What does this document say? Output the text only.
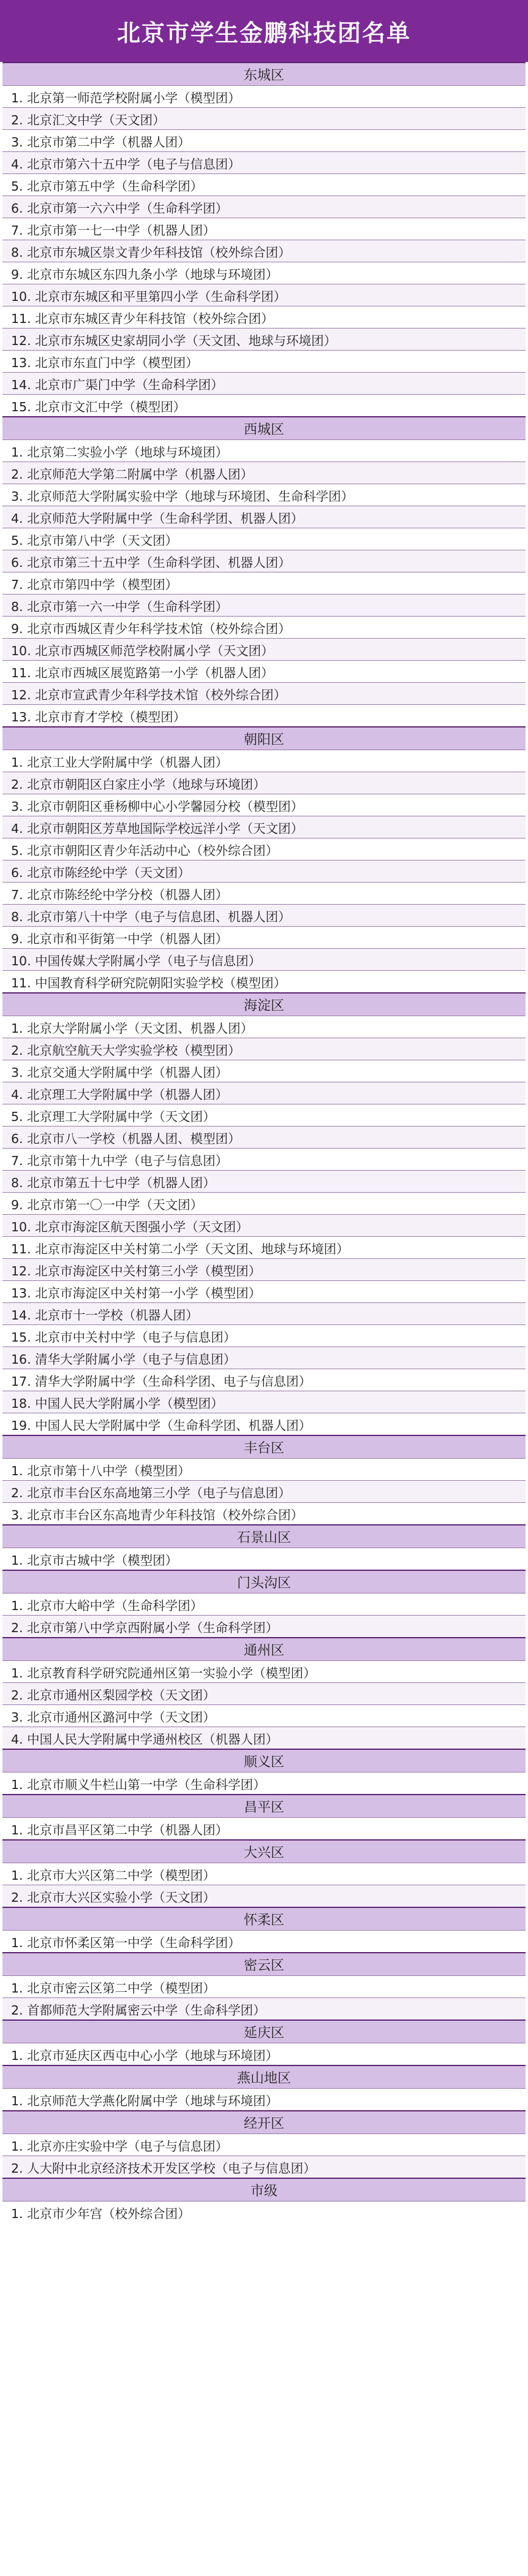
北京市学生金鹏科技团名单
东城区
1. 北京第一师范学校附属小学（模型团）
2. 北京汇文中学（天文团）
3. 北京市第二中学（机器人团）
4. 北京市第六十五中学（电子与信息团）
5. 北京市第五中学（生命科学团）
6. 北京市第一六六中学（生命科学团）
7. 北京市第一七一中学（机器人团）
8. 北京市东城区崇文青少年科技馆（校外综合团）
9. 北京市东城区东四九条小学（地球与环境团）
10. 北京市东城区和平里第四小学（生命科学团）
11. 北京市东城区青少年科技馆（校外综合团）
12. 北京市东城区史家胡同小学（天文团、地球与环境团）
13. 北京市东直门中学（模型团）
14. 北京市广渠门中学（生命科学团）
15. 北京市文汇中学（模型团）
西城区
1. 北京第二实验小学（地球与环境团）
2. 北京师范大学第二附属中学（机器人团）
3. 北京师范大学附属实验中学（地球与环境团、生命科学团）
4. 北京师范大学附属中学（生命科学团、机器人团）
5. 北京市第八中学（天文团）
6. 北京市第三十五中学（生命科学团、机器人团）
7. 北京市第四中学（模型团）
8. 北京市第一六一中学（生命科学团）
9. 北京市西城区青少年科学技术馆（校外综合团）
10. 北京市西城区师范学校附属小学（天文团）
11. 北京市西城区展览路第一小学（机器人团）
12. 北京市宣武青少年科学技术馆（校外综合团）
13. 北京市育才学校（模型团）
朝阳区
1. 北京工业大学附属中学（机器人团）
2. 北京市朝阳区白家庄小学（地球与环境团）
3. 北京市朝阳区垂杨柳中心小学馨园分校（模型团）
4. 北京市朝阳区芳草地国际学校远洋小学（天文团）
5. 北京市朝阳区青少年活动中心（校外综合团）
6. 北京市陈经纶中学（天文团）
7. 北京市陈经纶中学分校（机器人团）
8. 北京市第八十中学（电子与信息团、机器人团）
9. 北京市和平街第一中学（机器人团）
10. 中国传媒大学附属小学（电子与信息团）
11. 中国教育科学研究院朝阳实验学校（模型团）
海淀区
1. 北京大学附属小学（天文团、机器人团）
2. 北京航空航天大学实验学校（模型团）
3. 北京交通大学附属中学（机器人团）
4. 北京理工大学附属中学（机器人团）
5. 北京理工大学附属中学（天文团）
6. 北京市八一学校（机器人团、模型团）
7. 北京市第十九中学（电子与信息团）
8. 北京市第五十七中学（机器人团）
9. 北京市第一〇一中学（天文团）
10. 北京市海淀区航天图强小学（天文团）
11. 北京市海淀区中关村第二小学（天文团、地球与环境团）
12. 北京市海淀区中关村第三小学（模型团）
13. 北京市海淀区中关村第一小学（模型团）
14. 北京市十一学校（机器人团）
15. 北京市中关村中学（电子与信息团）
16. 清华大学附属小学（电子与信息团）
17. 清华大学附属中学（生命科学团、电子与信息团）
18. 中国人民大学附属小学（模型团）
19. 中国人民大学附属中学（生命科学团、机器人团）
丰台区
1. 北京市第十八中学（模型团）
2. 北京市丰台区东高地第三小学（电子与信息团）
3. 北京市丰台区东高地青少年科技馆（校外综合团）
石景山区
1. 北京市古城中学（模型团）
门头沟区
1. 北京市大峪中学（生命科学团）
2. 北京市第八中学京西附属小学（生命科学团）
通州区
1. 北京教育科学研究院通州区第一实验小学（模型团）
2. 北京市通州区梨园学校（天文团）
3. 北京市通州区潞河中学（天文团）
4. 中国人民大学附属中学通州校区（机器人团）
顺义区
1. 北京市顺义牛栏山第一中学（生命科学团）
昌平区
1. 北京市昌平区第二中学（机器人团）
大兴区
1. 北京市大兴区第二中学（模型团）
2. 北京市大兴区实验小学（天文团）
怀柔区
1. 北京市怀柔区第一中学（生命科学团）
密云区
1. 北京市密云区第二中学（模型团）
2. 首都师范大学附属密云中学（生命科学团）
延庆区
1. 北京市延庆区西屯中心小学（地球与环境团）
燕山地区
1. 北京师范大学燕化附属中学（地球与环境团）
经开区
1. 北京亦庄实验中学（电子与信息团）
2. 人大附中北京经济技术开发区学校（电子与信息团）
市级
1. 北京市少年宫（校外综合团）
